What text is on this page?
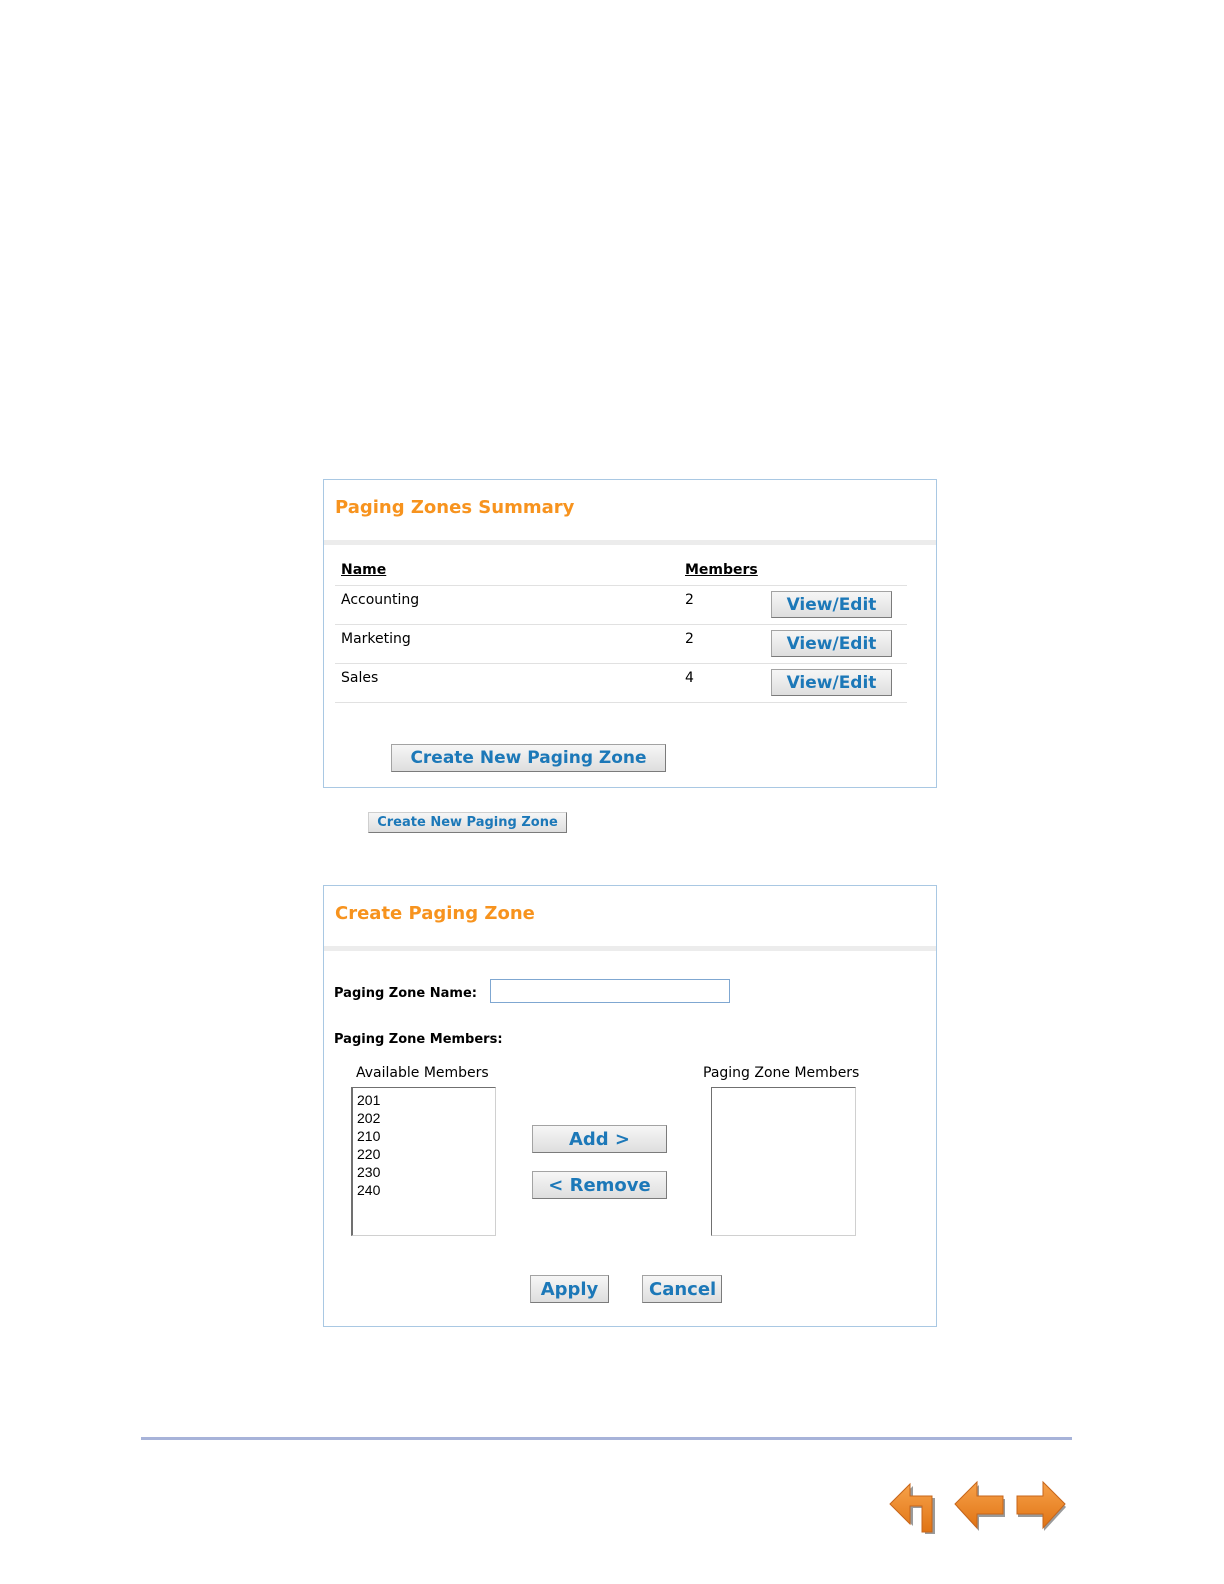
Paging Zones Summary
Name	Members
Accounting	2	View/Edit
Marketing	2	View/Edit
Sales	4	View/Edit
Create New Paging Zone
Create New Paging Zone
Create Paging Zone
Paging Zone Name:
Paging Zone Members:
Available Members
201
202
210
220
230
240
Add >
< Remove
Paging Zone Members
Apply	Cancel
